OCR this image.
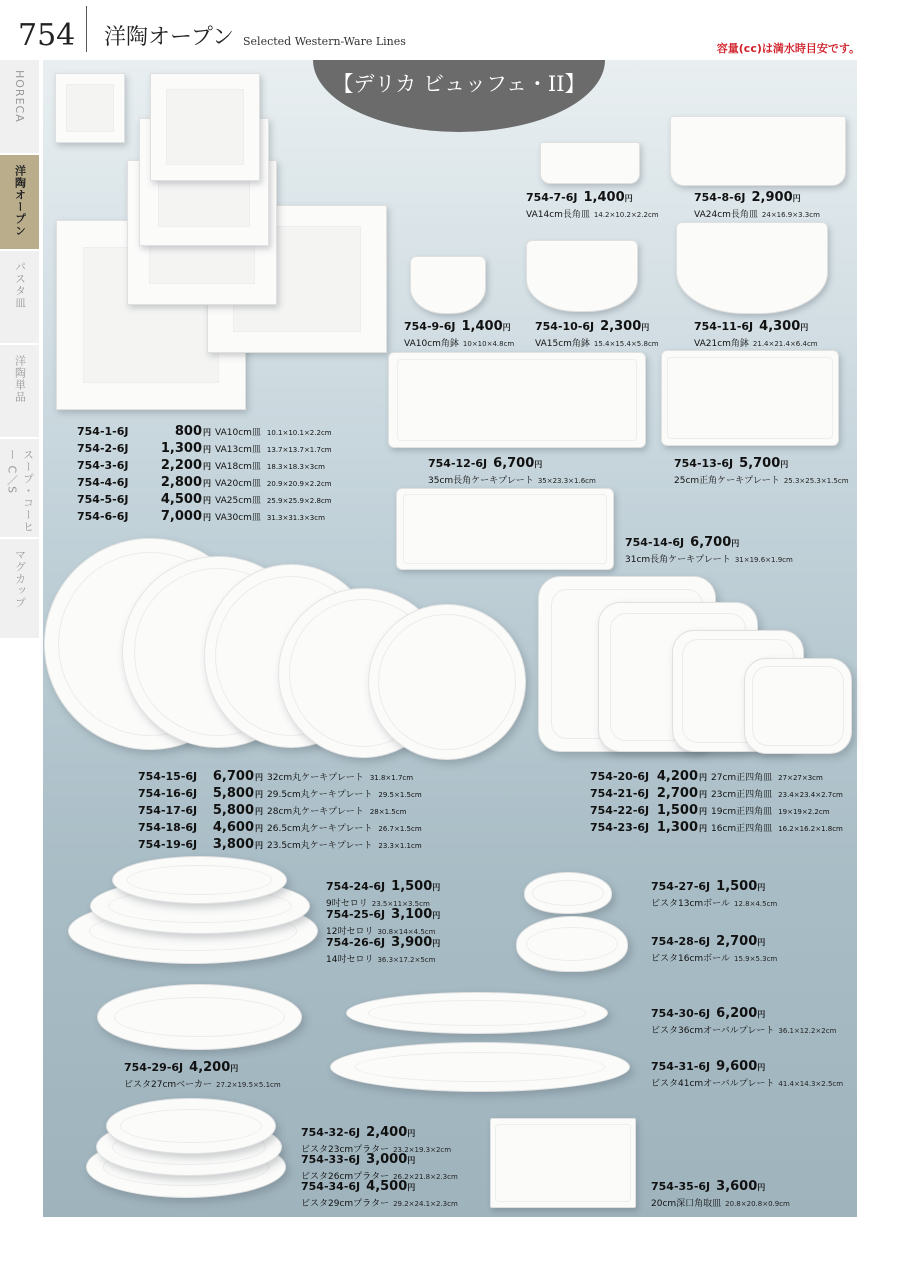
754 洋陶オープン Selected Western-Ware Lines
容量(cc)は満水時目安です。
HORECA
洋陶オープン
パスタ皿
洋陶単品
スープ・コーヒー C／S
マグカップ
【デリカ ビュッフェ・II】
754-1-6J	800円 VA10cm皿 10.1×10.1×2.2cm
754-2-6J 1,300円 VA13cm皿 13.7×13.7×1.7cm
754-3-6J 2,200円 VA18cm皿 18.3×18.3×3cm
754-4-6J 2,800円 VA20cm皿 20.9×20.9×2.2cm
754-5-6J 4,500円 VA25cm皿 25.9×25.9×2.8cm
754-6-6J 7,000円 VA30cm皿 31.3×31.3×3cm
754-7-6J 1,400円
VA14cm長角皿 14.2×10.2×2.2cm
754-8-6J 2,900円
VA24cm長角皿 24×16.9×3.3cm
754-9-6J 1,400円
VA10cm角鉢 10×10×4.8cm
754-10-6J 2,300円
VA15cm角鉢 15.4×15.4×5.8cm
754-11-6J 4,300円
VA21cm角鉢 21.4×21.4×6.4cm
754-12-6J 6,700円
35cm長角ケーキプレート 35×23.3×1.6cm
754-13-6J 5,700円
25cm正角ケーキプレート 25.3×25.3×1.5cm
754-14-6J 6,700円
31cm長角ケーキプレート 31×19.6×1.9cm
754-15-6J 6,700円 32cm丸ケーキプレート 31.8×1.7cm
754-16-6J 5,800円 29.5cm丸ケーキプレート 29.5×1.5cm
754-17-6J 5,800円 28cm丸ケーキプレート 28×1.5cm
754-18-6J 4,600円 26.5cm丸ケーキプレート 26.7×1.5cm
754-19-6J 3,800円 23.5cm丸ケーキプレート 23.3×1.1cm
754-20-6J 4,200円 27cm正四角皿 27×27×3cm
754-21-6J 2,700円 23cm正四角皿 23.4×23.4×2.7cm
754-22-6J 1,500円 19cm正四角皿 19×19×2.2cm
754-23-6J 1,300円 16cm正四角皿 16.2×16.2×1.8cm
754-24-6J 1,500円
9吋セロリ 23.5×11×3.5cm
754-25-6J 3,100円
12吋セロリ 30.8×14×4.5cm
754-26-6J 3,900円
14吋セロリ 36.3×17.2×5cm
754-27-6J 1,500円
ビスタ13cmボール 12.8×4.5cm
754-28-6J 2,700円
ビスタ16cmボール 15.9×5.3cm
754-29-6J 4,200円
ビスタ27cmベーカー 27.2×19.5×5.1cm
754-30-6J 6,200円
ビスタ36cmオーバルプレート 36.1×12.2×2cm
754-31-6J 9,600円
ビスタ41cmオーバルプレート 41.4×14.3×2.5cm
754-32-6J 2,400円
ビスタ23cmプラター 23.2×19.3×2cm
754-33-6J 3,000円
ビスタ26cmプラター 26.2×21.8×2.3cm
754-34-6J 4,500円
ビスタ29cmプラター 29.2×24.1×2.3cm
754-35-6J 3,600円
20cm深口角取皿 20.8×20.8×0.9cm
